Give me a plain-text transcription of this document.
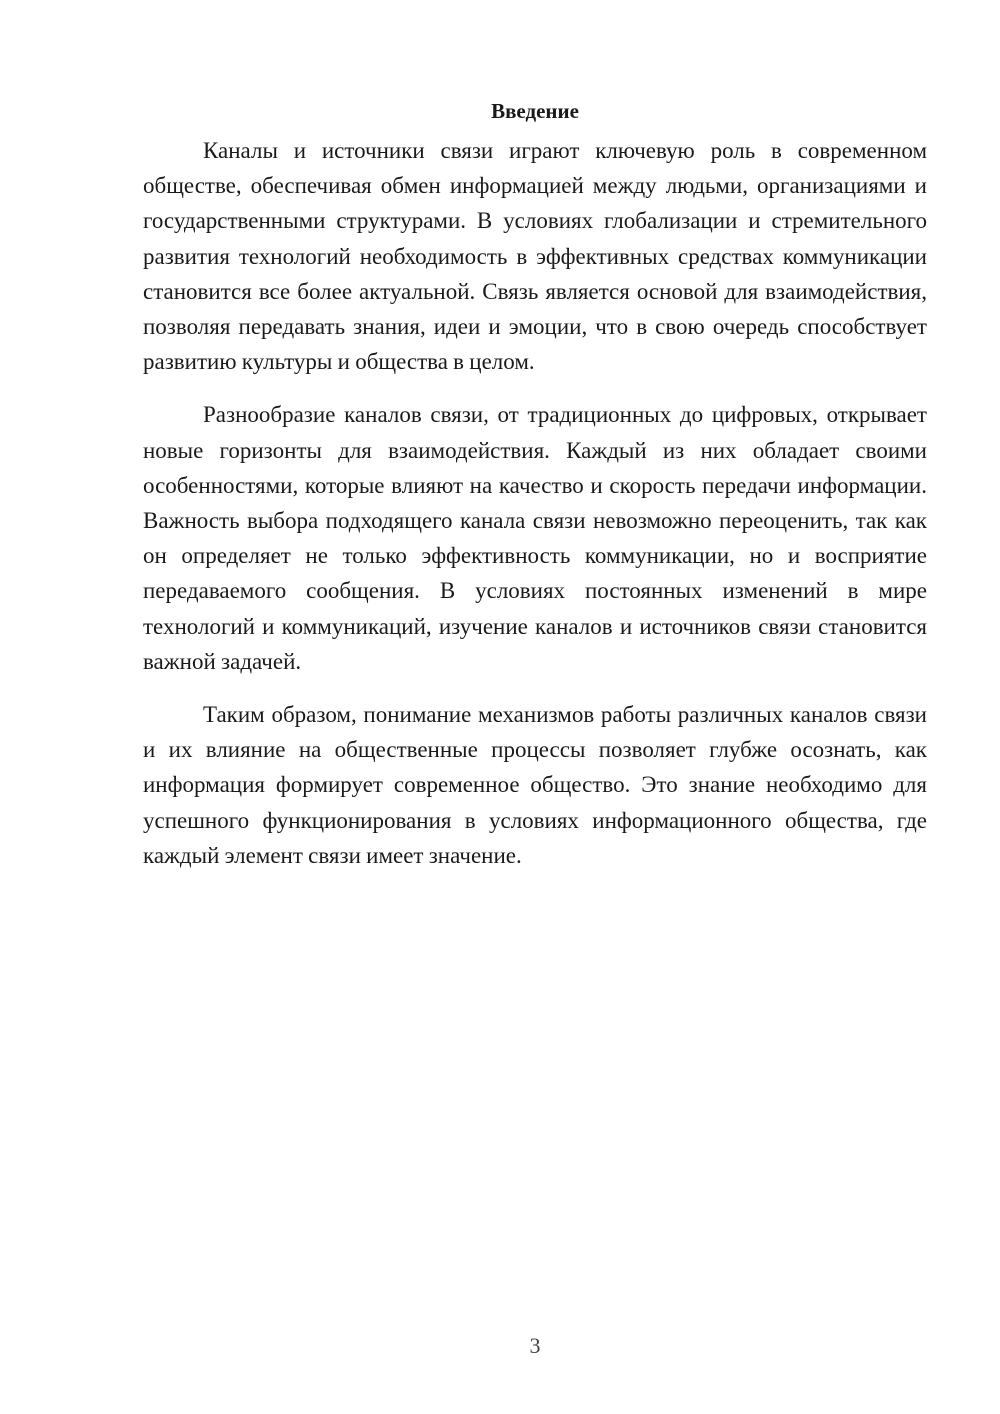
Введение

Каналы и источники связи играют ключевую роль в современном обществе, обеспечивая обмен информацией между людьми, организациями и государственными структурами. В условиях глобализации и стремительного развития технологий необходимость в эффективных средствах коммуникации становится все более актуальной. Связь является основой для взаимодействия, позволяя передавать знания, идеи и эмоции, что в свою очередь способствует развитию культуры и общества в целом.

Разнообразие каналов связи, от традиционных до цифровых, открывает новые горизонты для взаимодействия. Каждый из них обладает своими особенностями, которые влияют на качество и скорость передачи информации. Важность выбора подходящего канала связи невозможно переоценить, так как он определяет не только эффективность коммуникации, но и восприятие передаваемого сообщения. В условиях постоянных изменений в мире технологий и коммуникаций, изучение каналов и источников связи становится важной задачей.

Таким образом, понимание механизмов работы различных каналов связи и их влияние на общественные процессы позволяет глубже осознать, как информация формирует современное общество. Это знание необходимо для успешного функционирования в условиях информационного общества, где каждый элемент связи имеет значение.

3
